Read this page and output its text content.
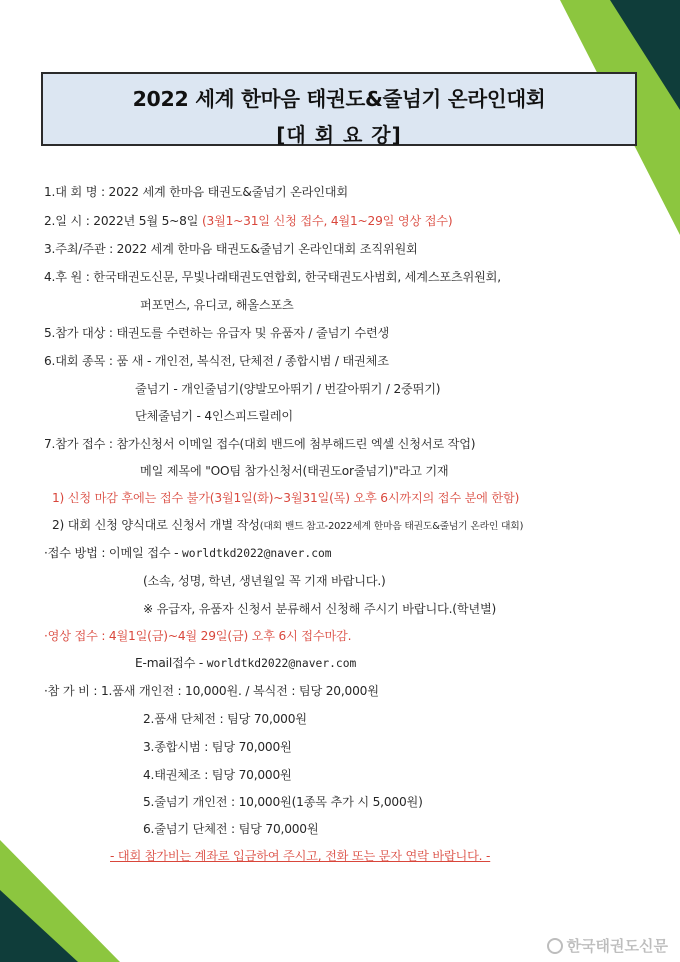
2022 세계 한마음 태권도&줄넘기 온라인대회
[대 회 요 강]
1.대 회 명 : 2022 세계 한마음 태권도&줄넘기 온라인대회
2.일 시 : 2022년 5월 5~8일 (3월1~31일 신청 접수, 4월1~29일 영상 접수)
3.주최/주관 : 2022 세계 한마음 태권도&줄넘기 온라인대회 조직위원회
4.후 원 : 한국태권도신문, 무빛나래태권도연합회, 한국태권도사범회, 세계스포츠위원회,
퍼포먼스, 유디코, 해올스포츠
5.참가 대상 : 태권도를 수련하는 유급자 및 유품자 / 줄넘기 수련생
6.대회 종목 : 품 새 - 개인전, 복식전, 단체전 / 종합시범 / 태권체조
줄넘기 - 개인줄넘기(양발모아뛰기 / 번갈아뛰기 / 2중뛰기)
단체줄넘기 - 4인스피드릴레이
7.참가 접수 : 참가신청서 이메일 접수(대회 밴드에 첨부해드린 엑셀 신청서로 작업)
메일 제목에 "OO팀 참가신청서(태권도or줄넘기)"라고 기재
1) 신청 마감 후에는 접수 불가(3월1일(화)~3월31일(목) 오후 6시까지의 접수 분에 한함)
2) 대회 신청 양식대로 신청서 개별 작성(대회 밴드 참고-2022세계 한마음 태권도&줄넘기 온라인 대회)
·접수 방법 : 이메일 접수 - worldtkd2022@naver.com
(소속, 성명, 학년, 생년월일 꼭 기재 바랍니다.)
※ 유급자, 유품자 신청서 분류해서 신청해 주시기 바랍니다.(학년별)
·영상 접수 : 4월1일(금)~4월 29일(금) 오후 6시 접수마감.
E-mail접수 - worldtkd2022@naver.com
·참 가 비 : 1.품새 개인전 : 10,000원. / 복식전 : 팀당 20,000원
2.품새 단체전 : 팀당 70,000원
3.종합시범 : 팀당 70,000원
4.태권체조 : 팀당 70,000원
5.줄넘기 개인전 : 10,000원(1종목 추가 시 5,000원)
6.줄넘기 단체전 : 팀당 70,000원
- 대회 참가비는 계좌로 입금하여 주시고, 전화 또는 문자 연락 바랍니다. -
한국태권도신문
